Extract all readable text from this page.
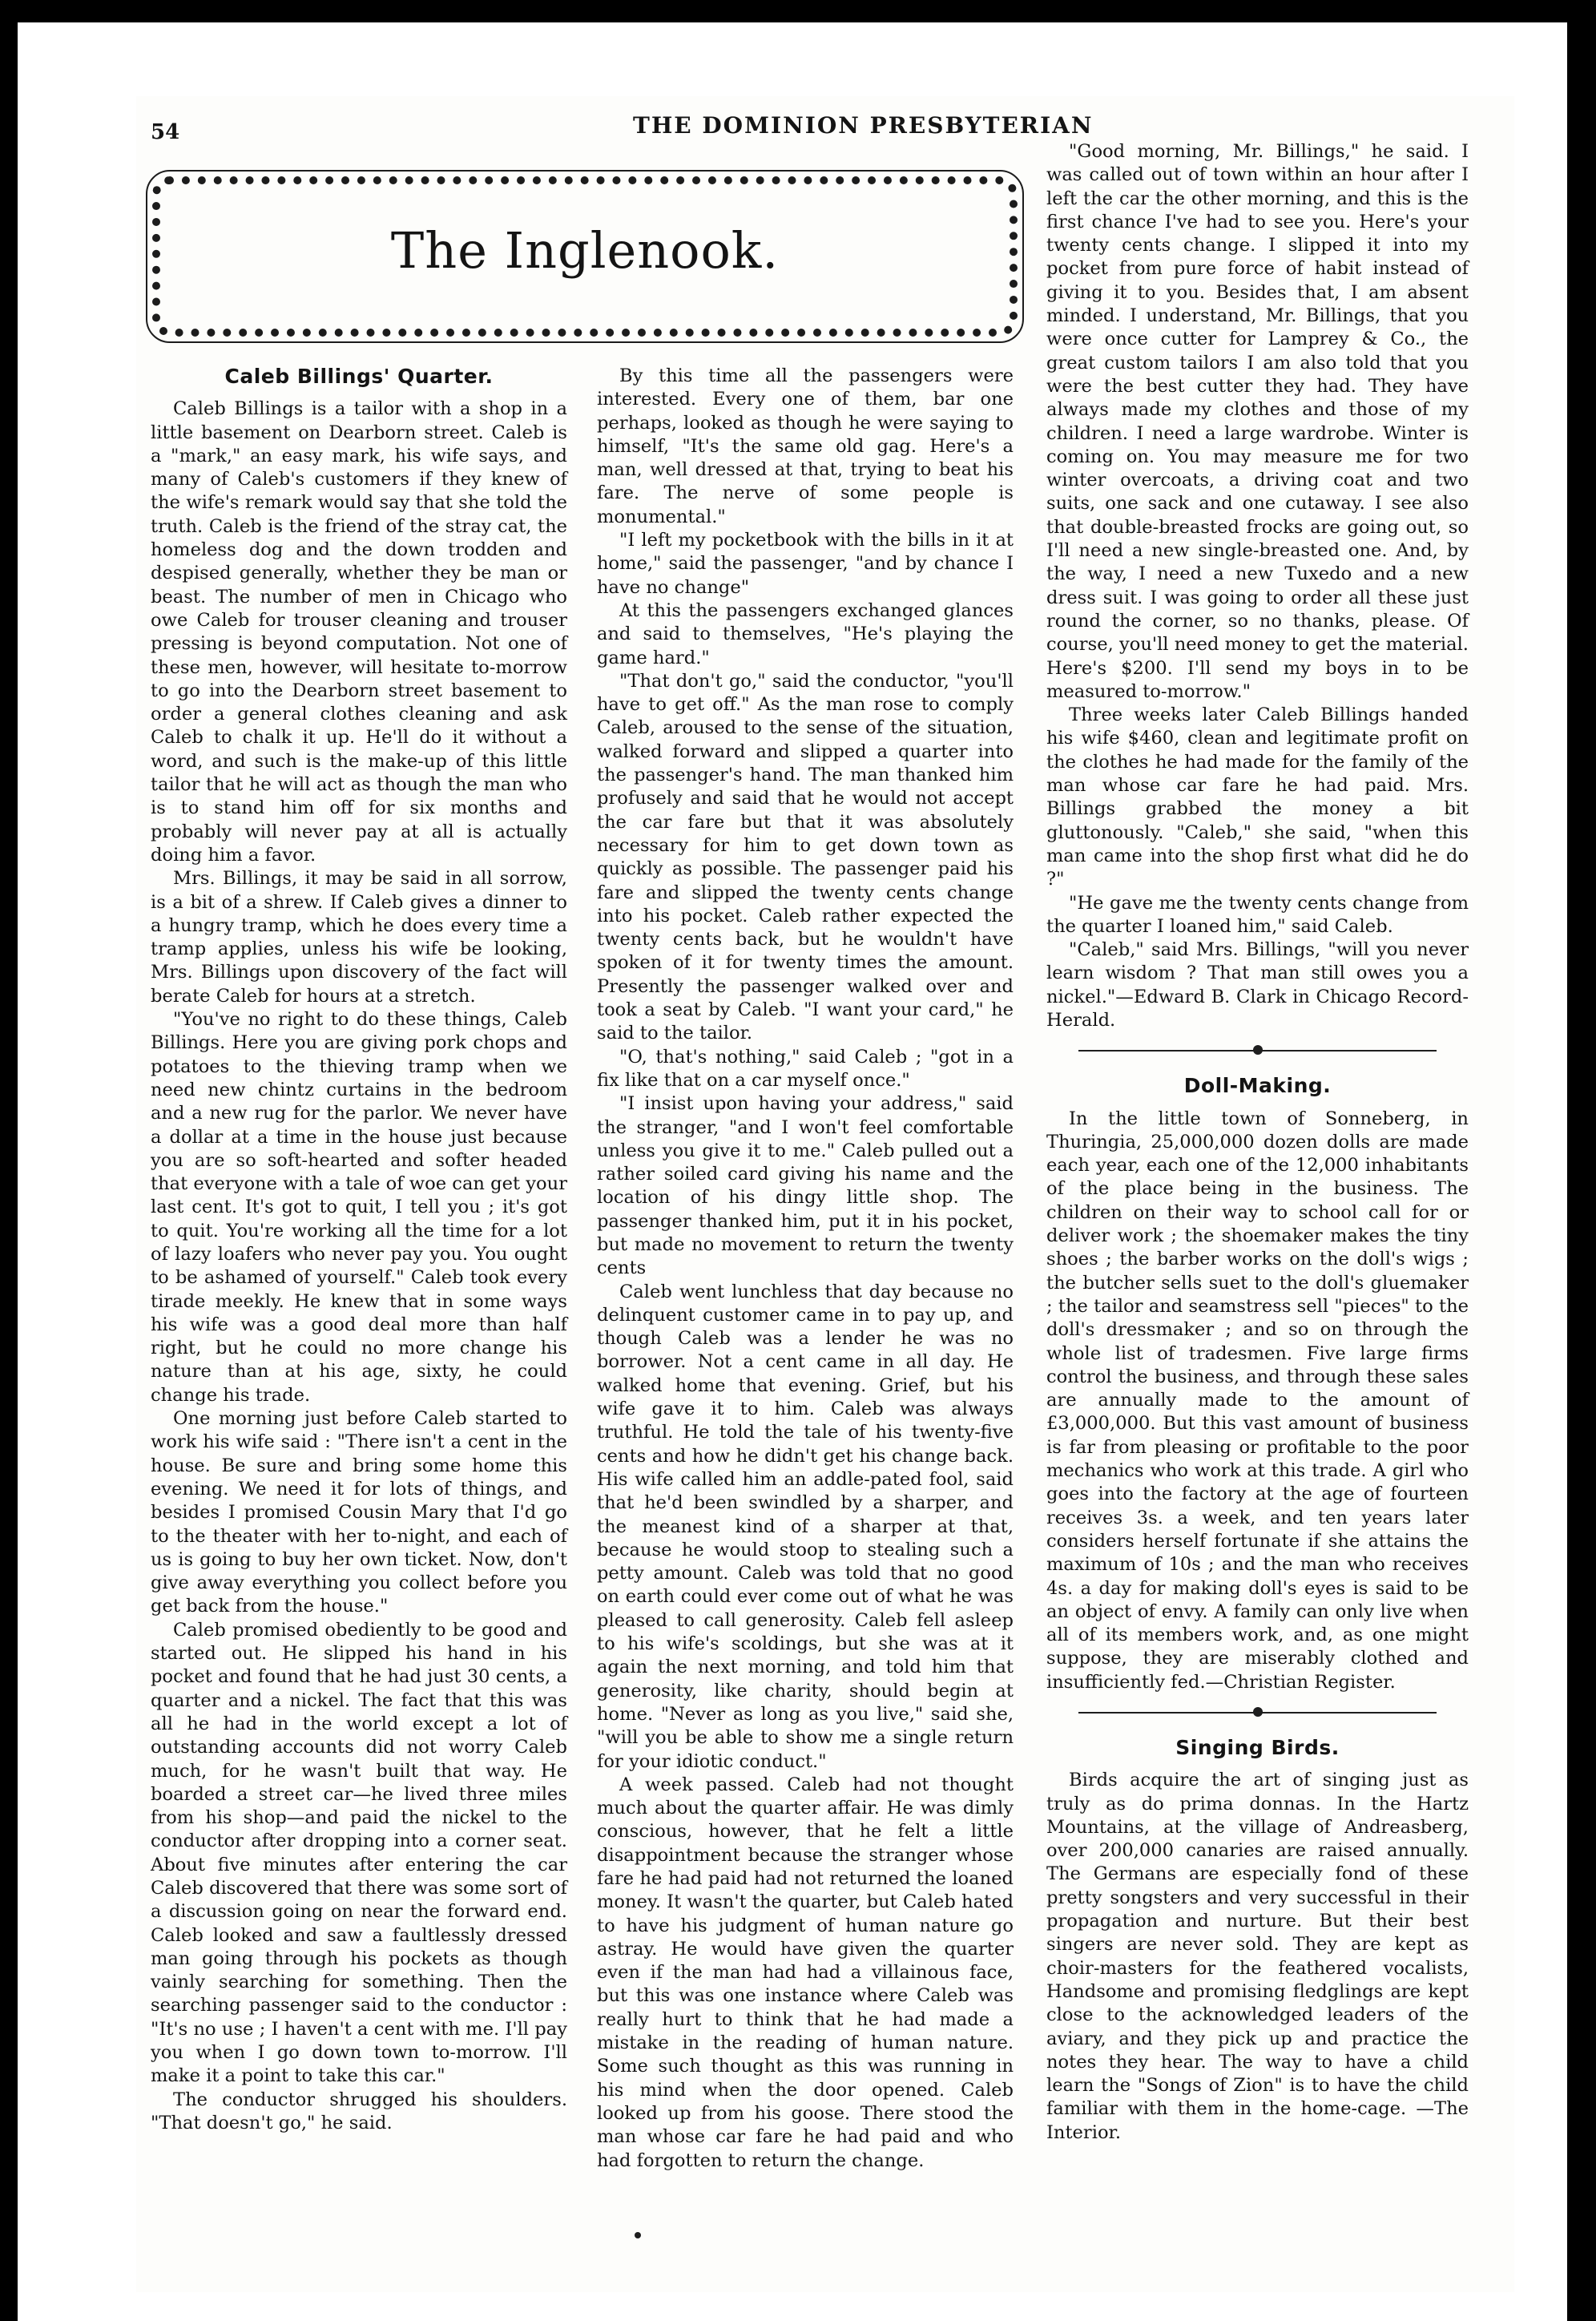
54	THE DOMINION PRESBYTERIAN
The Inglenook.
Caleb Billings' Quarter.

Caleb Billings is a tailor with a shop in a little basement on Dearborn street. Caleb is a "mark," an easy mark, his wife says, and many of Caleb's customers if they knew of the wife's remark would say that she told the truth. Caleb is the friend of the stray cat, the homeless dog and the down trodden and despised generally, whether they be man or beast. The number of men in Chicago who owe Caleb for trouser cleaning and trouser pressing is beyond computation. Not one of these men, however, will hesitate to-morrow to go into the Dearborn street basement to order a general clothes cleaning and ask Caleb to chalk it up. He'll do it without a word, and such is the make-up of this little tailor that he will act as though the man who is to stand him off for six months and probably will never pay at all is actually doing him a favor.

Mrs. Billings, it may be said in all sorrow, is a bit of a shrew. If Caleb gives a dinner to a hungry tramp, which he does every time a tramp applies, unless his wife be looking, Mrs. Billings upon discovery of the fact will berate Caleb for hours at a stretch.

"You've no right to do these things, Caleb Billings. Here you are giving pork chops and potatoes to the thieving tramp when we need new chintz curtains in the bedroom and a new rug for the parlor. We never have a dollar at a time in the house just because you are so soft-hearted and softer headed that everyone with a tale of woe can get your last cent. It's got to quit, I tell you ; it's got to quit. You're working all the time for a lot of lazy loafers who never pay you. You ought to be ashamed of yourself." Caleb took every tirade meekly. He knew that in some ways his wife was a good deal more than half right, but he could no more change his nature than at his age, sixty, he could change his trade.

One morning just before Caleb started to work his wife said : "There isn't a cent in the house. Be sure and bring some home this evening. We need it for lots of things, and besides I promised Cousin Mary that I'd go to the theater with her to-night, and each of us is going to buy her own ticket. Now, don't give away everything you collect before you get back from the house."

Caleb promised obediently to be good and started out. He slipped his hand in his pocket and found that he had just 30 cents, a quarter and a nickel. The fact that this was all he had in the world except a lot of outstanding accounts did not worry Caleb much, for he wasn't built that way. He boarded a street car—he lived three miles from his shop—and paid the nickel to the conductor after dropping into a corner seat. About five minutes after entering the car Caleb discovered that there was some sort of a discussion going on near the forward end. Caleb looked and saw a faultlessly dressed man going through his pockets as though vainly searching for something. Then the searching passenger said to the conductor : "It's no use ; I haven't a cent with me. I'll pay you when I go down town to-morrow. I'll make it a point to take this car."

The conductor shrugged his shoulders. "That doesn't go," he said.

By this time all the passengers were interested. Every one of them, bar one perhaps, looked as though he were saying to himself, "It's the same old gag. Here's a man, well dressed at that, trying to beat his fare. The nerve of some people is monumental."

"I left my pocketbook with the bills in it at home," said the passenger, "and by chance I have no change"

At this the passengers exchanged glances and said to themselves, "He's playing the game hard."

"That don't go," said the conductor, "you'll have to get off." As the man rose to comply Caleb, aroused to the sense of the situation, walked forward and slipped a quarter into the passenger's hand. The man thanked him profusely and said that he would not accept the car fare but that it was absolutely necessary for him to get down town as quickly as possible. The passenger paid his fare and slipped the twenty cents change into his pocket. Caleb rather expected the twenty cents back, but he wouldn't have spoken of it for twenty times the amount. Presently the passenger walked over and took a seat by Caleb. "I want your card," he said to the tailor.

"O, that's nothing," said Caleb ; "got in a fix like that on a car myself once."

"I insist upon having your address," said the stranger, "and I won't feel comfortable unless you give it to me." Caleb pulled out a rather soiled card giving his name and the location of his dingy little shop. The passenger thanked him, put it in his pocket, but made no movement to return the twenty cents

Caleb went lunchless that day because no delinquent customer came in to pay up, and though Caleb was a lender he was no borrower. Not a cent came in all day. He walked home that evening. Grief, but his wife gave it to him. Caleb was always truthful. He told the tale of his twenty-five cents and how he didn't get his change back. His wife called him an addle-pated fool, said that he'd been swindled by a sharper, and the meanest kind of a sharper at that, because he would stoop to stealing such a petty amount. Caleb was told that no good on earth could ever come out of what he was pleased to call generosity. Caleb fell asleep to his wife's scoldings, but she was at it again the next morning, and told him that generosity, like charity, should begin at home. "Never as long as you live," said she, "will you be able to show me a single return for your idiotic conduct."

A week passed. Caleb had not thought much about the quarter affair. He was dimly conscious, however, that he felt a little disappointment because the stranger whose fare he had paid had not returned the loaned money. It wasn't the quarter, but Caleb hated to have his judgment of human nature go astray. He would have given the quarter even if the man had had a villainous face, but this was one instance where Caleb was really hurt to think that he had made a mistake in the reading of human nature. Some such thought as this was running in his mind when the door opened. Caleb looked up from his goose. There stood the man whose car fare he had paid and who had forgotten to return the change.

"Good morning, Mr. Billings," he said. I was called out of town within an hour after I left the car the other morning, and this is the first chance I've had to see you. Here's your twenty cents change. I slipped it into my pocket from pure force of habit instead of giving it to you. Besides that, I am absent minded. I understand, Mr. Billings, that you were once cutter for Lamprey & Co., the great custom tailors I am also told that you were the best cutter they had. They have always made my clothes and those of my children. I need a large wardrobe. Winter is coming on. You may measure me for two winter overcoats, a driving coat and two suits, one sack and one cutaway. I see also that double-breasted frocks are going out, so I'll need a new single-breasted one. And, by the way, I need a new Tuxedo and a new dress suit. I was going to order all these just round the corner, so no thanks, please. Of course, you'll need money to get the material. Here's $200. I'll send my boys in to be measured to-morrow."

Three weeks later Caleb Billings handed his wife $460, clean and legitimate profit on the clothes he had made for the family of the man whose car fare he had paid. Mrs. Billings grabbed the money a bit gluttonously. "Caleb," she said, "when this man came into the shop first what did he do ?"

"He gave me the twenty cents change from the quarter I loaned him," said Caleb.

"Caleb," said Mrs. Billings, "will you never learn wisdom ? That man still owes you a nickel."—Edward B. Clark in Chicago Record-Herald.

Doll-Making.

In the little town of Sonneberg, in Thuringia, 25,000,000 dozen dolls are made each year, each one of the 12,000 inhabitants of the place being in the business. The children on their way to school call for or deliver work ; the shoemaker makes the tiny shoes ; the barber works on the doll's wigs ; the butcher sells suet to the doll's gluemaker ; the tailor and seamstress sell "pieces" to the doll's dressmaker ; and so on through the whole list of tradesmen. Five large firms control the business, and through these sales are annually made to the amount of £3,000,000. But this vast amount of business is far from pleasing or profitable to the poor mechanics who work at this trade. A girl who goes into the factory at the age of fourteen receives 3s. a week, and ten years later considers herself fortunate if she attains the maximum of 10s ; and the man who receives 4s. a day for making doll's eyes is said to be an object of envy. A family can only live when all of its members work, and, as one might suppose, they are miserably clothed and insufficiently fed.—Christian Register.

Singing Birds.

Birds acquire the art of singing just as truly as do prima donnas. In the Hartz Mountains, at the village of Andreasberg, over 200,000 canaries are raised annually. The Germans are especially fond of these pretty songsters and very successful in their propagation and nurture. But their best singers are never sold. They are kept as choir-masters for the feathered vocalists, Handsome and promising fledglings are kept close to the acknowledged leaders of the aviary, and they pick up and practice the notes they hear. The way to have a child learn the "Songs of Zion" is to have the child familiar with them in the home-cage. —The Interior.
